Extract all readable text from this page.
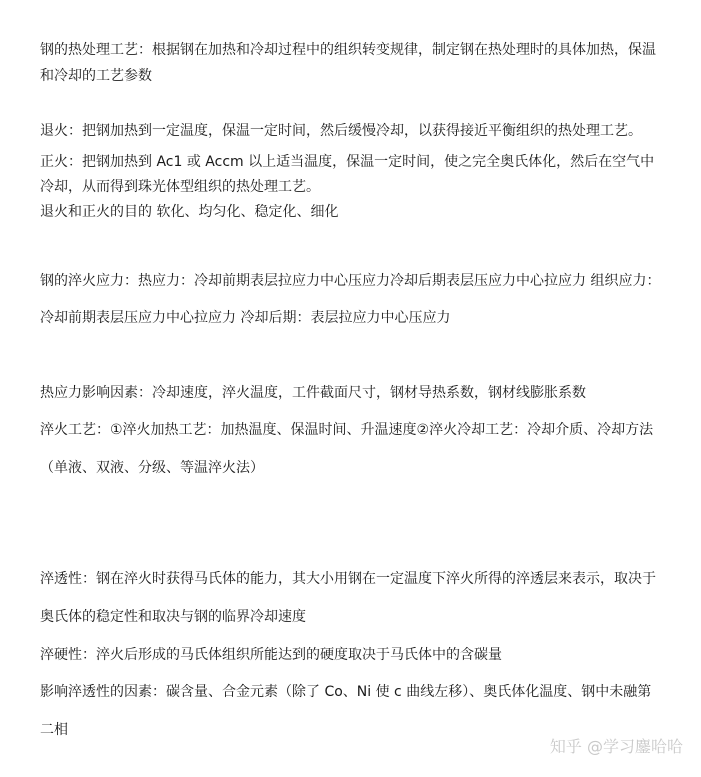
钢的热处理工艺：根据钢在加热和冷却过程中的组织转变规律，制定钢在热处理时的具体加热，保温
和冷却的工艺参数
退火：把钢加热到一定温度，保温一定时间，然后缓慢冷却，以获得接近平衡组织的热处理工艺。
正火：把钢加热到 Ac1 或 Accm 以上适当温度，保温一定时间，使之完全奥氏体化，然后在空气中
冷却，从而得到珠光体型组织的热处理工艺。
退火和正火的目的 软化、均匀化、稳定化、细化
钢的淬火应力：热应力：冷却前期表层拉应力中心压应力冷却后期表层压应力中心拉应力 组织应力：
冷却前期表层压应力中心拉应力 冷却后期：表层拉应力中心压应力
热应力影响因素：冷却速度，淬火温度，工件截面尺寸，钢材导热系数，钢材线膨胀系数
淬火工艺：①淬火加热工艺：加热温度、保温时间、升温速度②淬火冷却工艺：冷却介质、冷却方法
（单液、双液、分级、等温淬火法）
淬透性：钢在淬火时获得马氏体的能力，其大小用钢在一定温度下淬火所得的淬透层来表示，取决于
奥氏体的稳定性和取决与钢的临界冷却速度
淬硬性：淬火后形成的马氏体组织所能达到的硬度取决于马氏体中的含碳量
影响淬透性的因素：碳含量、合金元素（除了 Co、Ni 使 c 曲线左移）、奥氏体化温度、钢中未融第
二相
知乎 @学习鏖哈哈
